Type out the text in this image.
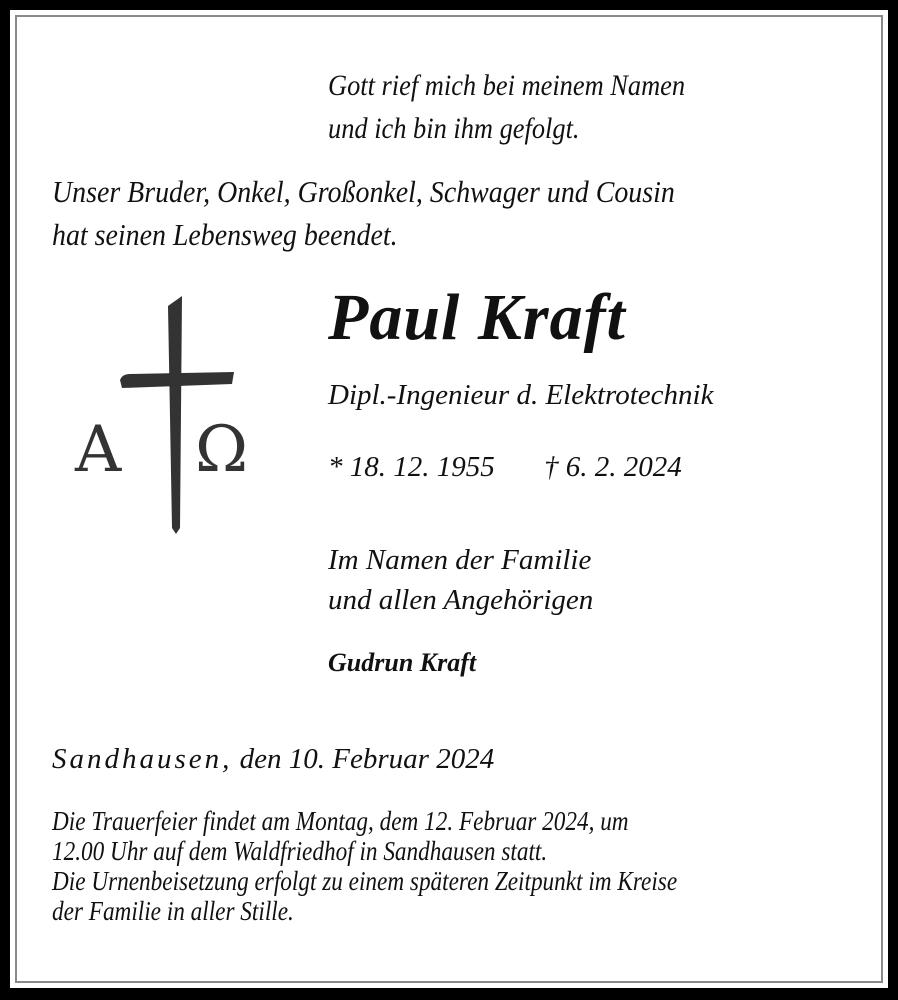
Gott rief mich bei meinem Namen
und ich bin ihm gefolgt.
Unser Bruder, Onkel, Großonkel, Schwager und Cousin
hat seinen Lebensweg beendet.
A Ω
Paul Kraft
Dipl.-Ingenieur d. Elektrotechnik
* 18. 12. 1955 † 6. 2. 2024
Im Namen der Familie
und allen Angehörigen
Gudrun Kraft
Sandhausen, den 10. Februar 2024
Die Trauerfeier findet am Montag, dem 12. Februar 2024, um
12.00 Uhr auf dem Waldfriedhof in Sandhausen statt.
Die Urnenbeisetzung erfolgt zu einem späteren Zeitpunkt im Kreise
der Familie in aller Stille.
